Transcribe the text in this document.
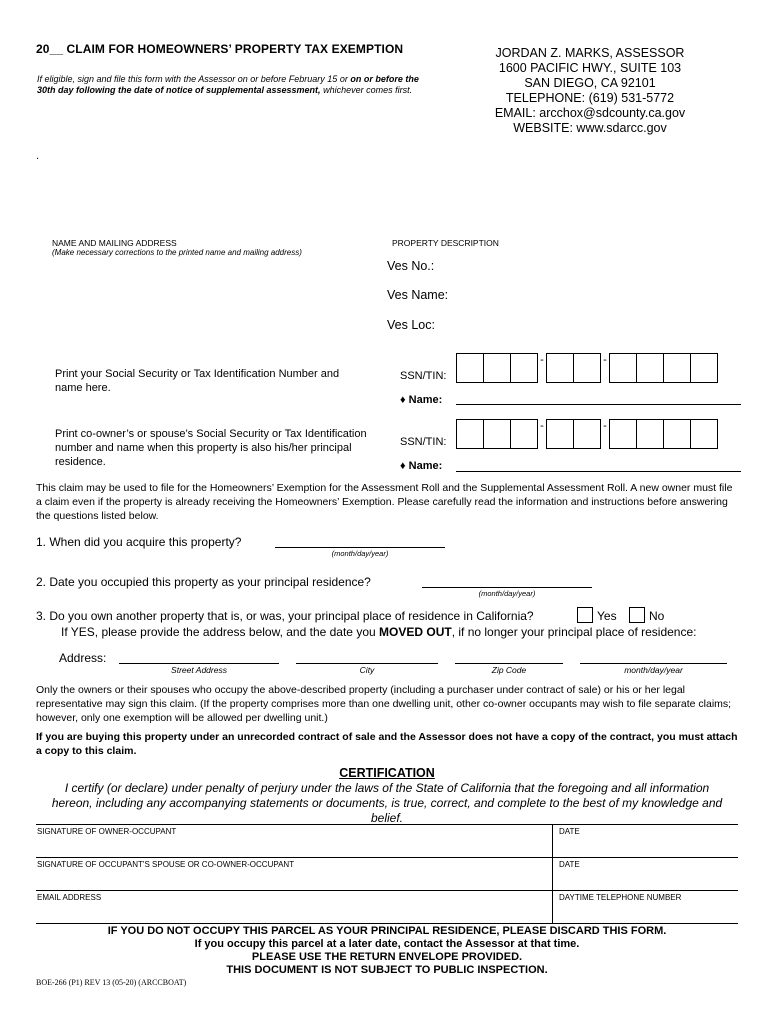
20__ CLAIM FOR HOMEOWNERS’ PROPERTY TAX EXEMPTION
If eligible, sign and file this form with the Assessor on or before February 15 or on or before the 30th day following the date of notice of supplemental assessment, whichever comes first.
JORDAN Z. MARKS, ASSESSOR
1600 PACIFIC HWY., SUITE 103
SAN DIEGO, CA 92101
TELEPHONE: (619) 531-5772
EMAIL: arcchox@sdcounty.ca.gov
WEBSITE: www.sdarcc.gov
.
NAME AND MAILING ADDRESS
(Make necessary corrections to the printed name and mailing address)
PROPERTY DESCRIPTION
Ves No.:
Ves Name:
Ves Loc:
Print your Social Security or Tax Identification Number and name here.
SSN/TIN:
-	-
♦ Name:
Print co-owner’s or spouse’s Social Security or Tax Identification number and name when this property is also his/her principal residence.
SSN/TIN:
-	-
♦ Name:
This claim may be used to file for the Homeowners’ Exemption for the Assessment Roll and the Supplemental Assessment Roll. A new owner must file a claim even if the property is already receiving the Homeowners’ Exemption. Please carefully read the information and instructions before answering the questions listed below.
1. When did you acquire this property?
(month/day/year)
2. Date you occupied this property as your principal residence?
(month/day/year)
3. Do you own another property that is, or was, your principal place of residence in California?	Yes	No
If YES, please provide the address below, and the date you MOVED OUT, if no longer your principal place of residence:
Address:
Street Address	City	Zip Code	month/day/year
Only the owners or their spouses who occupy the above-described property (including a purchaser under contract of sale) or his or her legal representative may sign this claim. (If the property comprises more than one dwelling unit, other co-owner occupants may wish to file separate claims; however, only one exemption will be allowed per dwelling unit.)
If you are buying this property under an unrecorded contract of sale and the Assessor does not have a copy of the contract, you must attach a copy to this claim.
CERTIFICATION
I certify (or declare) under penalty of perjury under the laws of the State of California that the foregoing and all information hereon, including any accompanying statements or documents, is true, correct, and complete to the best of my knowledge and belief.
SIGNATURE OF OWNER-OCCUPANT	DATE
SIGNATURE OF OCCUPANT'S SPOUSE OR CO-OWNER-OCCUPANT	DATE
EMAIL ADDRESS	DAYTIME TELEPHONE NUMBER
IF YOU DO NOT OCCUPY THIS PARCEL AS YOUR PRINCIPAL RESIDENCE, PLEASE DISCARD THIS FORM.
If you occupy this parcel at a later date, contact the Assessor at that time.
PLEASE USE THE RETURN ENVELOPE PROVIDED.
THIS DOCUMENT IS NOT SUBJECT TO PUBLIC INSPECTION.
BOE-266 (P1) REV 13 (05-20) (ARCCBOAT)
